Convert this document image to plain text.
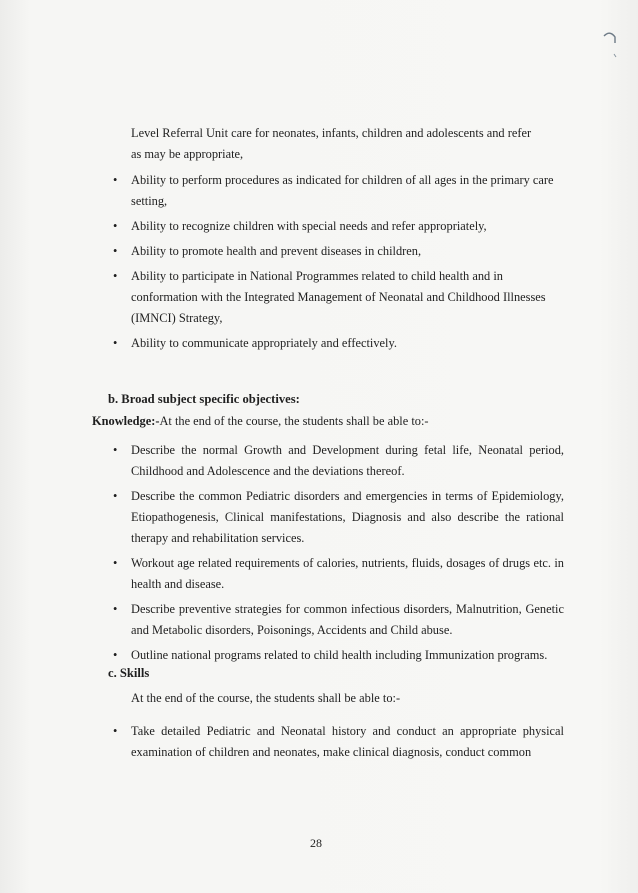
Level Referral Unit care for neonates, infants, children and adolescents and refer

as may be appropriate,

• Ability to perform procedures as indicated for children of all ages in the primary care setting,
• Ability to recognize children with special needs and refer appropriately,
• Ability to promote health and prevent diseases in children,
• Ability to participate in National Programmes related to child health and in conformation with the Integrated Management of Neonatal and Childhood Illnesses (IMNCI) Strategy,
• Ability to communicate appropriately and effectively.
b. Broad subject specific objectives:
Knowledge:-At the end of the course, the students shall be able to:-
• Describe the normal Growth and Development during fetal life, Neonatal period, Childhood and Adolescence and the deviations thereof.
• Describe the common Pediatric disorders and emergencies in terms of Epidemiology, Etiopathogenesis, Clinical manifestations, Diagnosis and also describe the rational therapy and rehabilitation services.
• Workout age related requirements of calories, nutrients, fluids, dosages of drugs etc. in health and disease.
• Describe preventive strategies for common infectious disorders, Malnutrition, Genetic and Metabolic disorders, Poisonings, Accidents and Child abuse.
• Outline national programs related to child health including Immunization programs.
c. Skills
At the end of the course, the students shall be able to:-
• Take detailed Pediatric and Neonatal history and conduct an appropriate physical examination of children and neonates, make clinical diagnosis, conduct common
28
